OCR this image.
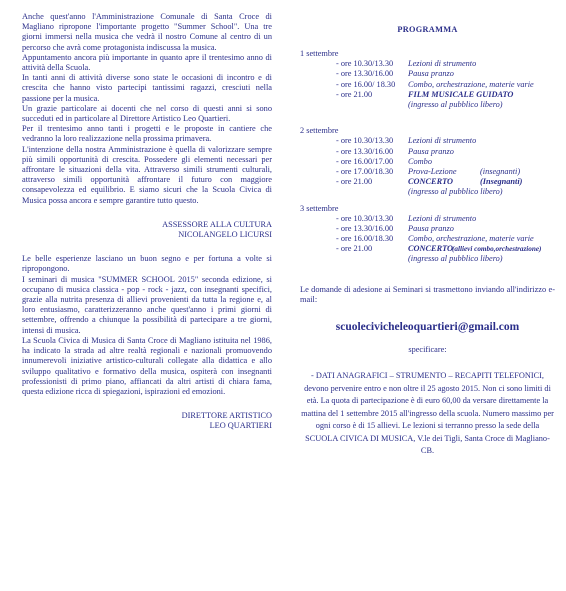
Anche quest'anno l'Amministrazione Comunale di Santa Croce di Magliano ripropone l'importante progetto "Summer School". Una tre giorni immersi nella musica che vedrà il nostro Comune al centro di un percorso che avrà come protagonista indiscussa la musica.

Appuntamento ancora più importante in quanto apre il trentesimo anno di attività della Scuola.

In tanti anni di attività diverse sono state le occasioni di incontro e di crescita che hanno visto partecipi tantissimi ragazzi, cresciuti nella passione per la musica.

Un grazie particolare ai docenti che nel corso di questi anni si sono succeduti ed in particolare al Direttore Artistico Leo Quartieri.

Per il trentesimo anno tanti i progetti e le proposte in cantiere che vedranno la loro realizzazione nella prossima primavera.

L'intenzione della nostra Amministrazione è quella di valorizzare sempre più simili opportunità di crescita. Possedere gli elementi necessari per affrontare le situazioni della vita. Attraverso simili strumenti culturali, attraverso simili opportunità affrontare il futuro con maggiore consapevolezza ed equilibrio. E siamo sicuri che la Scuola Civica di Musica possa ancora e sempre garantire tutto questo.

ASSESSORE ALLA CULTURA
NICOLANGELO LICURSI

Le belle esperienze lasciano un buon segno e per fortuna a volte si ripropongono.

I seminari di musica "SUMMER SCHOOL 2015" seconda edizione, si occupano di musica classica - pop - rock - jazz, con insegnanti specifici, grazie alla nutrita presenza di allievi provenienti da tutta la regione e, al loro entusiasmo, caratterizzeranno anche quest'anno i primi giorni di settembre, offrendo a chiunque la possibilità di partecipare a tre giorni, intensi di musica.

La Scuola Civica di Musica di Santa Croce di Magliano istituita nel 1986, ha indicato la strada ad altre realtà regionali e nazionali promuovendo innumerevoli iniziative artistico-culturali collegate alla didattica e allo sviluppo qualitativo e formativo della musica, ospiterà con insegnanti professionisti di primo piano, affiancati da altri artisti di chiara fama, questa edizione ricca di spiegazioni, ispirazioni ed emozioni.

DIRETTORE ARTISTICO
LEO QUARTIERI
PROGRAMMA
1 settembre
- ore 10.30/13.30 Lezioni di strumento
- ore 13.30/16.00 Pausa pranzo
- ore 16.00/ 18.30 Combo, orchestrazione, materie varie
- ore 21.00	FILM MUSICALE GUIDATO
(ingresso al pubblico libero)
2 settembre
- ore 10.30/13.30 Lezioni di strumento
- ore 13.30/16.00 Pausa pranzo
- ore 16.00/17.00 Combo
- ore 17.00/18.30 Prova-Lezione	(insegnanti)
- ore 21.00	CONCERTO	(Insegnanti)
(ingresso al pubblico libero)
3 settembre
- ore 10.30/13.30 Lezioni di strumento
- ore 13.30/16.00 Pausa pranzo
- ore 16.00/18.30 Combo, orchestrazione, materie varie
- ore 21.00	CONCERTO
(allievi combo,orchestrazione)
(ingresso al pubblico libero)
Le domande di adesione ai Seminari si trasmettono inviando all'indirizzo e-mail:
scuolecivicheleoquartieri@gmail.com
specificare:
- DATI ANAGRAFICI – STRUMENTO – RECAPITI TELEFONICI, devono pervenire entro e non oltre il 25 agosto 2015. Non ci sono limiti di età. La quota di partecipazione è di euro 60,00 da versare direttamente la mattina del 1 settembre 2015 all'ingresso della scuola. Numero massimo per ogni corso è di 15 allievi. Le lezioni si terranno presso la sede della SCUOLA CIVICA DI MUSICA, V.le dei Tigli, Santa Croce di Magliano-CB.
